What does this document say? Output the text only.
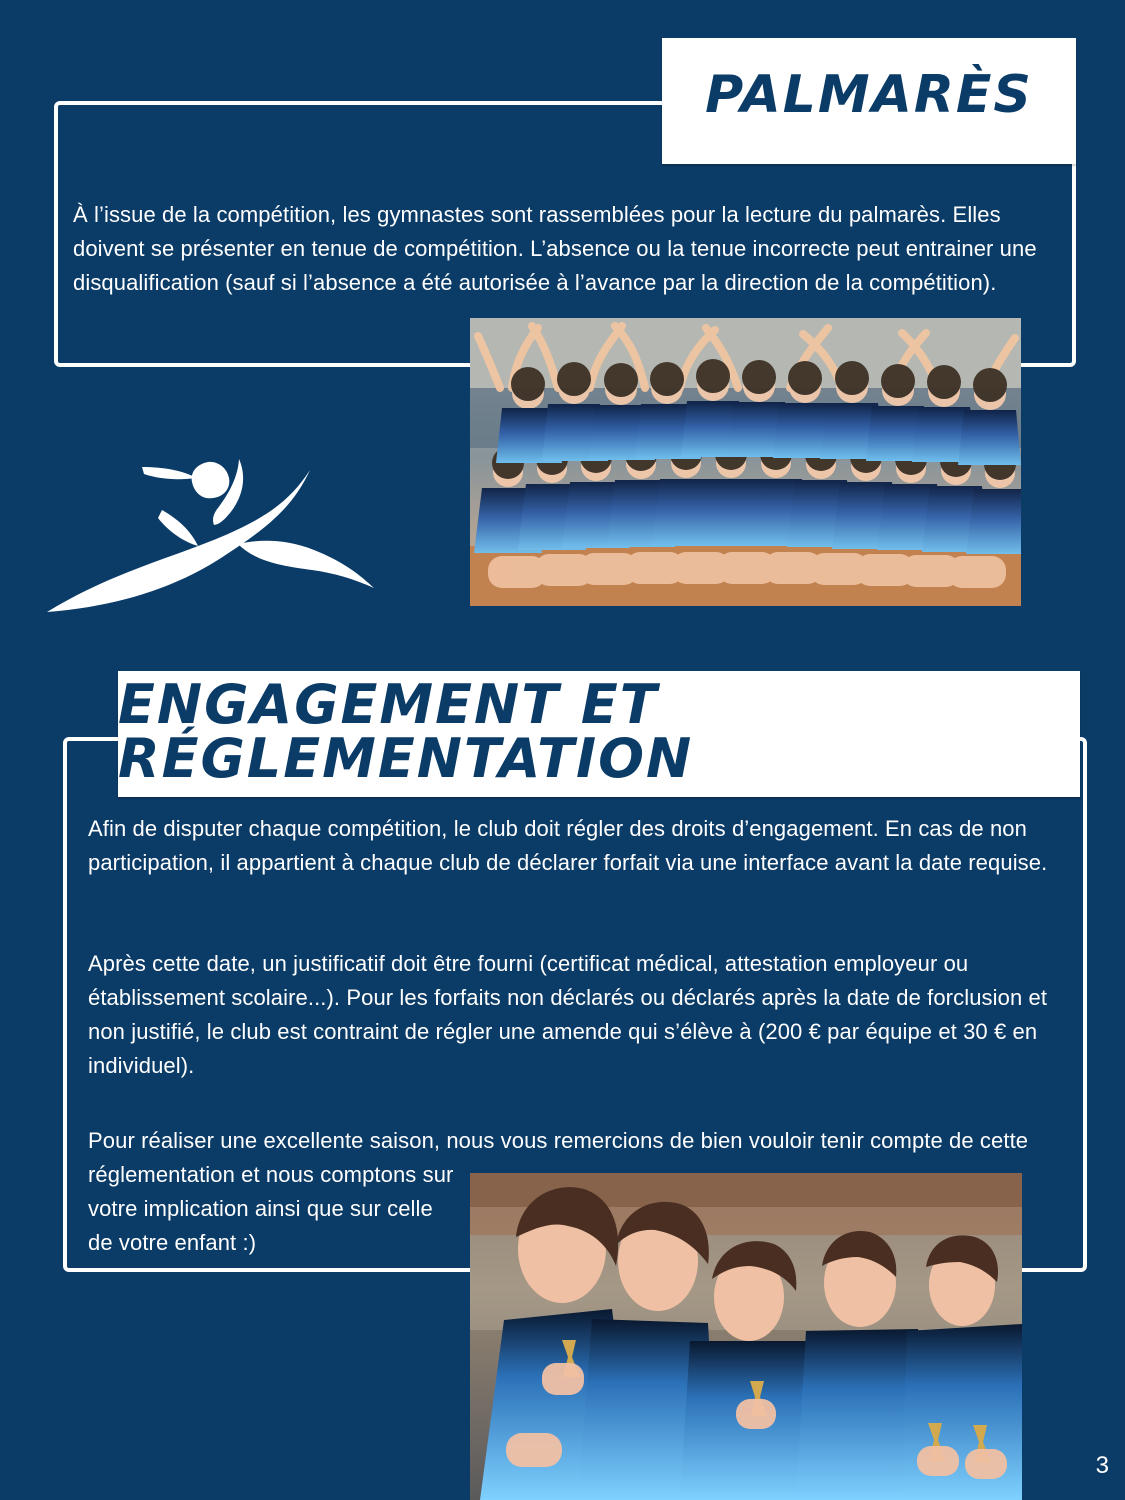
PALMARÈS

À l’issue de la compétition, les gymnastes sont rassemblées pour la lecture du palmarès. Elles doivent se présenter en tenue de compétition. L’absence ou la tenue incorrecte peut entrainer une disqualification (sauf si l’absence a été autorisée à l’avance par la direction de la compétition).

ENGAGEMENT ET RÉGLEMENTATION

Afin de disputer chaque compétition, le club doit régler des droits d’engagement. En cas de non participation, il appartient à chaque club de déclarer forfait via une interface avant la date requise.

Après cette date, un justificatif doit être fourni (certificat médical, attestation employeur ou établissement scolaire...). Pour les forfaits non déclarés ou déclarés après la date de forclusion et non justifié, le club est contraint de régler une amende qui s’élève à (200 € par équipe et 30 € en individuel).

Pour réaliser une excellente saison, nous vous remercions de bien vouloir tenir compte de cette

réglementation et nous comptons sur votre implication ainsi que sur celle de votre enfant :)

3
